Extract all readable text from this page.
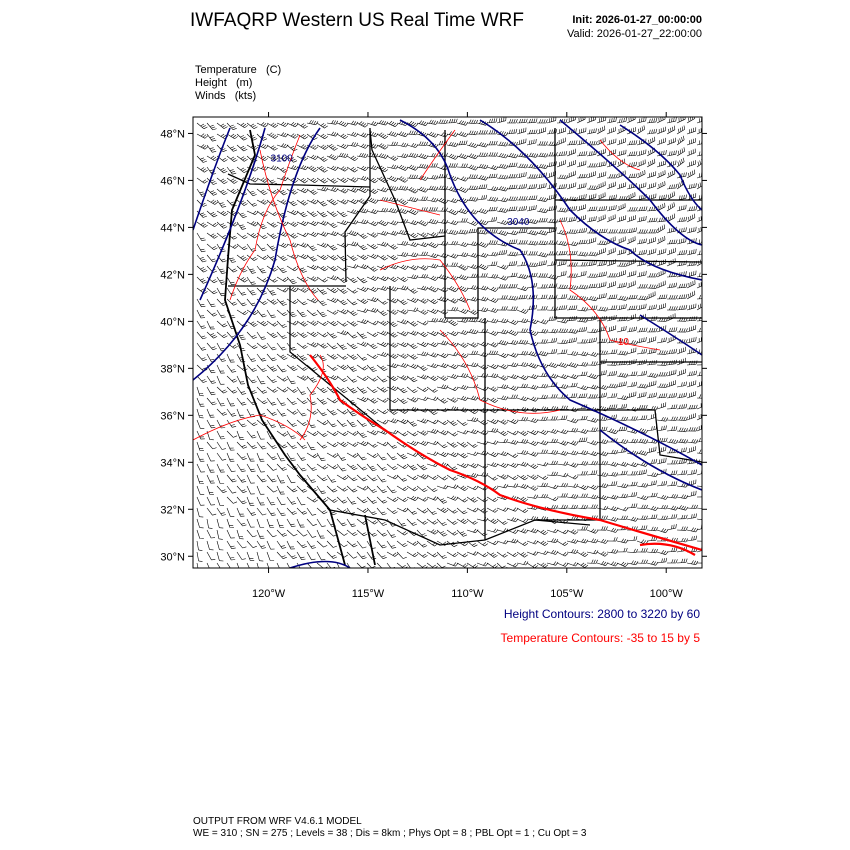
48°N
46°N
44°N
42°N
40°N
38°N
36°N
34°N
32°N
30°N
120°W	115°W	110°W	105°W	100°W
3040
3100
-10
IWFAQRP Western US Real Time WRF	Init: 2026-01-27_00:00:00
Valid: 2026-01-27_22:00:00
Temperature (C)
Height (m)
Winds (kts)
Height Contours: 2800 to 3220 by 60
Temperature Contours: -35 to 15 by 5
OUTPUT FROM WRF V4.6.1 MODEL
WE = 310 ; SN = 275 ; Levels = 38 ; Dis = 8km ; Phys Opt = 8 ; PBL Opt = 1 ; Cu Opt = 3
